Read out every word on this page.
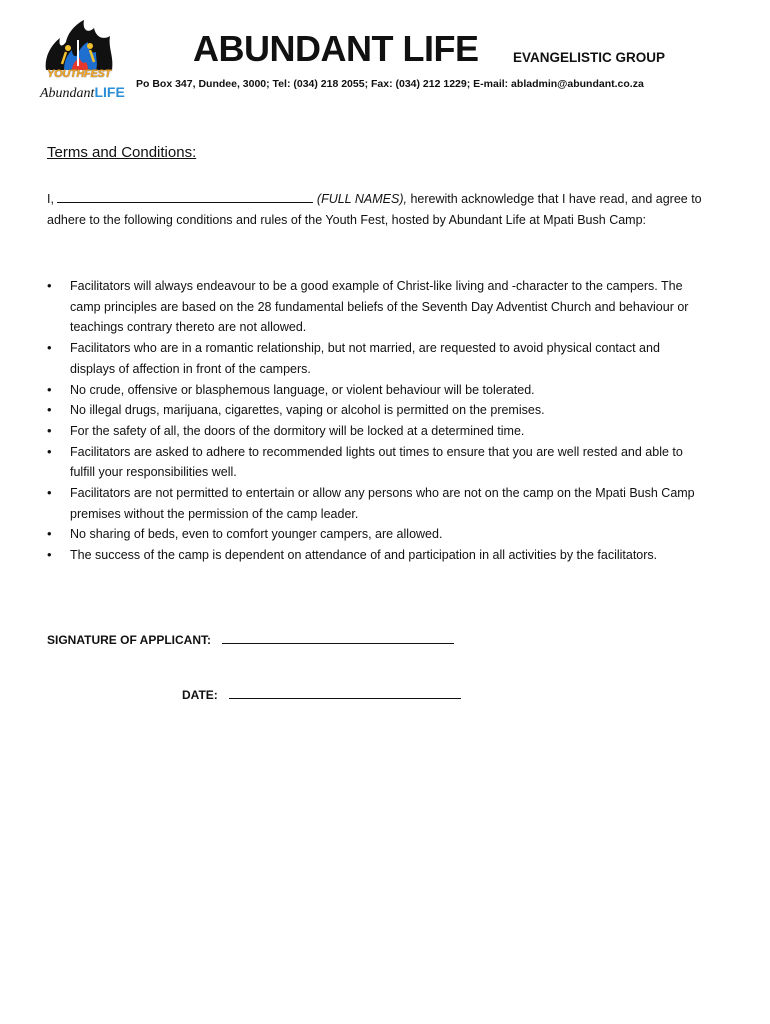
YOUTHFEST
AbundantLIFE
ABUNDANT LIFE	EVANGELISTIC GROUP
Po Box 347, Dundee, 3000; Tel: (034) 218 2055; Fax: (034) 212 1229; E-mail: abladmin@abundant.co.za
Terms and Conditions:
I,	(FULL NAMES), herewith acknowledge that I have read, and agree to adhere to the following conditions and rules of the Youth Fest, hosted by Abundant Life at Mpati Bush Camp:
• Facilitators will always endeavour to be a good example of Christ-like living and -character to the campers. The camp principles are based on the 28 fundamental beliefs of the Seventh Day Adventist Church and behaviour or teachings contrary thereto are not allowed.
• Facilitators who are in a romantic relationship, but not married, are requested to avoid physical contact and displays of affection in front of the campers.
• No crude, offensive or blasphemous language, or violent behaviour will be tolerated.
• No illegal drugs, marijuana, cigarettes, vaping or alcohol is permitted on the premises.
• For the safety of all, the doors of the dormitory will be locked at a determined time.
• Facilitators are asked to adhere to recommended lights out times to ensure that you are well rested and able to fulfill your responsibilities well.
• Facilitators are not permitted to entertain or allow any persons who are not on the camp on the Mpati Bush Camp premises without the permission of the camp leader.
• No sharing of beds, even to comfort younger campers, are allowed.
• The success of the camp is dependent on attendance of and participation in all activities by the facilitators.
SIGNATURE OF APPLICANT:
DATE:
